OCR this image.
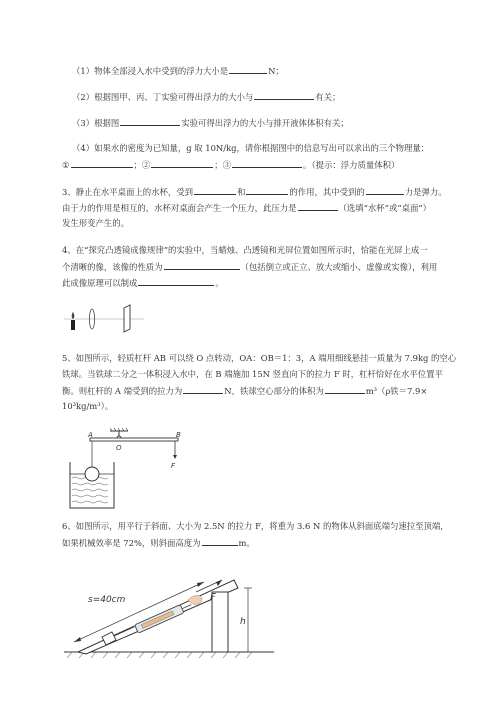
（1）物体全部浸入水中受到的浮力大小是	N；
（2）根据图甲、丙、丁实验可得出浮力的大小与	有关；
（3）根据图	实验可得出浮力的大小与排开液体体积有关；
（4）如果水的密度为已知量，g 取 10N/kg，请你根据图中的信息写出可以求出的三个物理量：
①	；②	；③	。（提示：浮力质量体积）
3、静止在水平桌面上的水杯，受到	和	的作用，其中受到的	力是弹力。
由于力的作用是相互的，水杯对桌面会产生一个压力，此压力是	（选填“水杯”或“桌面”）
发生形变产生的。
4、在“探究凸透镜成像规律”的实验中，当蜡烛、凸透镜和光屏位置如图所示时，恰能在光屏上成一
个清晰的像，该像的性质为	（包括倒立或正立、放大或缩小、虚像或实像），利用
此成像原理可以制成	。
5、如图所示，轻质杠杆 AB 可以绕 O 点转动，OA：OB＝1：3，A 端用细线悬挂一质量为 7.9kg 的空心
铁球。当铁球二分之一体积浸入水中，在 B 端施加 15N 竖直向下的拉力 F 时，杠杆恰好在水平位置平
衡。则杠杆的 A 端受到的拉力为	N，铁球空心部分的体积为	m³（ρ铁＝7.9×
10³kg/m³）。
A
O
B
F
6、如图所示，用平行于斜面、大小为 2.5N 的拉力 F，将重为 3.6 N 的物体从斜面底端匀速拉至顶端，
如果机械效率是 72%，则斜面高度为	m。
h
s=40cm	F
